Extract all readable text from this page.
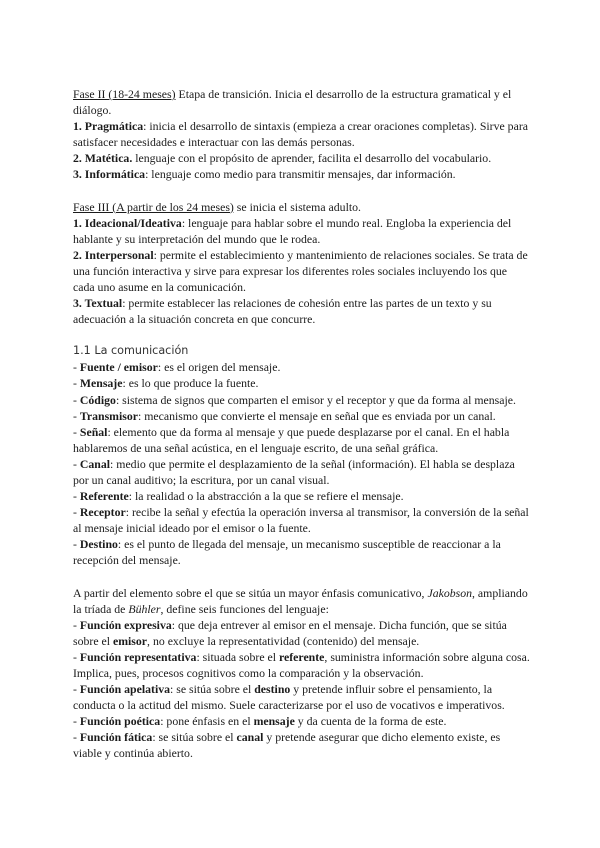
Fase II (18-24 meses) Etapa de transición. Inicia el desarrollo de la estructura gramatical y el diálogo.

1. Pragmática: inicia el desarrollo de sintaxis (empieza a crear oraciones completas). Sirve para satisfacer necesidades e interactuar con las demás personas.

2. Matética. lenguaje con el propósito de aprender, facilita el desarrollo del vocabulario.

3. Informática: lenguaje como medio para transmitir mensajes, dar información.

Fase III (A partir de los 24 meses) se inicia el sistema adulto.

1. Ideacional/Ideativa: lenguaje para hablar sobre el mundo real. Engloba la experiencia del hablante y su interpretación del mundo que le rodea.

2. Interpersonal: permite el establecimiento y mantenimiento de relaciones sociales. Se trata de una función interactiva y sirve para expresar los diferentes roles sociales incluyendo los que cada uno asume en la comunicación.

3. Textual: permite establecer las relaciones de cohesión entre las partes de un texto y su adecuación a la situación concreta en que concurre.

1.1 La comunicación

- Fuente / emisor: es el origen del mensaje.

- Mensaje: es lo que produce la fuente.

- Código: sistema de signos que comparten el emisor y el receptor y que da forma al mensaje.

- Transmisor: mecanismo que convierte el mensaje en señal que es enviada por un canal.

- Señal: elemento que da forma al mensaje y que puede desplazarse por el canal. En el habla hablaremos de una señal acústica, en el lenguaje escrito, de una señal gráfica.

- Canal: medio que permite el desplazamiento de la señal (información). El habla se desplaza por un canal auditivo; la escritura, por un canal visual.

- Referente: la realidad o la abstracción a la que se refiere el mensaje.

- Receptor: recibe la señal y efectúa la operación inversa al transmisor, la conversión de la señal al mensaje inicial ideado por el emisor o la fuente.

- Destino: es el punto de llegada del mensaje, un mecanismo susceptible de reaccionar a la recepción del mensaje.

A partir del elemento sobre el que se sitúa un mayor énfasis comunicativo, Jakobson, ampliando la tríada de Bühler, define seis funciones del lenguaje:

- Función expresiva: que deja entrever al emisor en el mensaje. Dicha función, que se sitúa sobre el emisor, no excluye la representatividad (contenido) del mensaje.

- Función representativa: situada sobre el referente, suministra información sobre alguna cosa. Implica, pues, procesos cognitivos como la comparación y la observación.

- Función apelativa: se sitúa sobre el destino y pretende influir sobre el pensamiento, la conducta o la actitud del mismo. Suele caracterizarse por el uso de vocativos e imperativos.

- Función poética: pone énfasis en el mensaje y da cuenta de la forma de este.

- Función fática: se sitúa sobre el canal y pretende asegurar que dicho elemento existe, es viable y continúa abierto.
